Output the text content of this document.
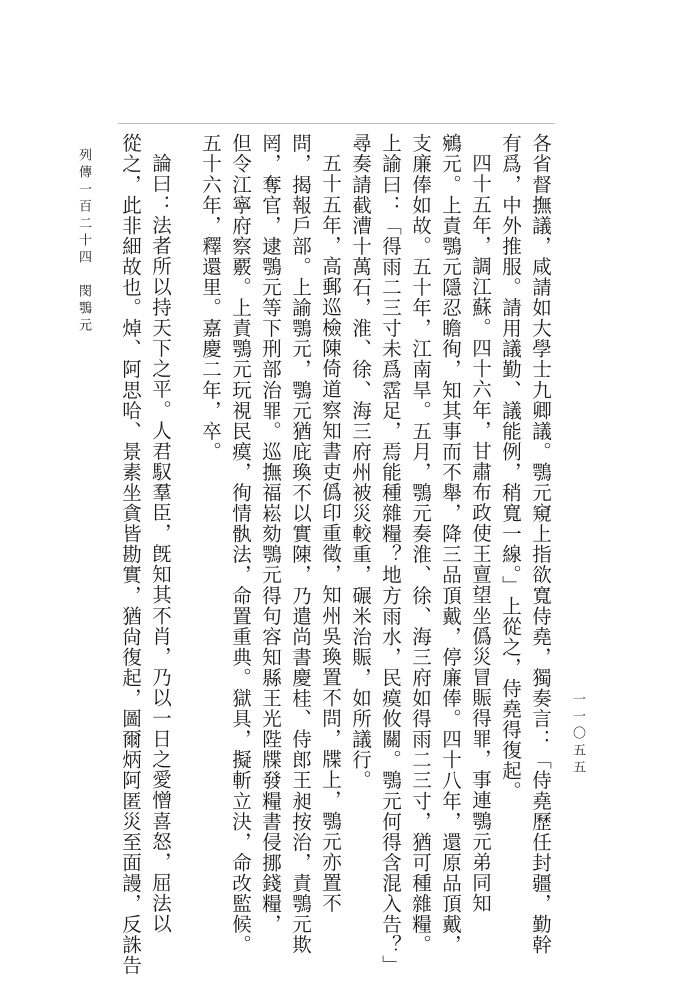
各省督撫議，咸請如大學士九卿議。鶚元窺上指欲寬侍堯，獨奏言：「侍堯歷任封疆，勤幹
有爲，中外推服。請用議勤、議能例，稍寬一線。」上從之，侍堯得復起。
四十五年，調江蘇。四十六年，甘肅布政使王亶望坐僞災冒賑得罪，事連鶚元弟同知
鵷元。上責鶚元隱忍瞻徇，知其事而不舉，降三品頂戴，停廉俸。四十八年，還原品頂戴，
支廉俸如故。五十年，江南旱。五月，鶚元奏淮、徐、海三府如得雨二三寸，猶可種雜糧。
上諭曰：「得雨二三寸未爲霑足，焉能種雜糧？地方雨水，民瘼攸關。鶚元何得含混入告？」
尋奏請截漕十萬石，淮、徐、海三府州被災較重，碾米治賑，如所議行。
五十五年，高郵巡檢陳倚道察知書吏僞印重徵，知州吳瑍置不問，牒上，鶚元亦置不
問，揭報戶部。上諭鶚元，鶚元猶庇瑍不以實陳，乃遣尚書慶桂、侍郎王昶按治，責鶚元欺
罔，奪官，逮鶚元等下刑部治罪。巡撫福崧劾鶚元得句容知縣王光陛牒發糧書侵挪錢糧，
但令江寧府察覈。上責鶚元玩視民瘼，徇情骫法，命置重典。獄具，擬斬立決，命改監候。
五十六年，釋還里。嘉慶二年，卒。
論曰：法者所以持天下之平。人君馭羣臣，旣知其不肖，乃以一日之愛憎喜怒，屈法以
從之，此非細故也。焯、阿思哈、景素坐貪皆勘實，猶尙復起，圖爾炳阿匿災至面謾，反誅告
列傳一百二十四　閔鶚元
一一〇五五
